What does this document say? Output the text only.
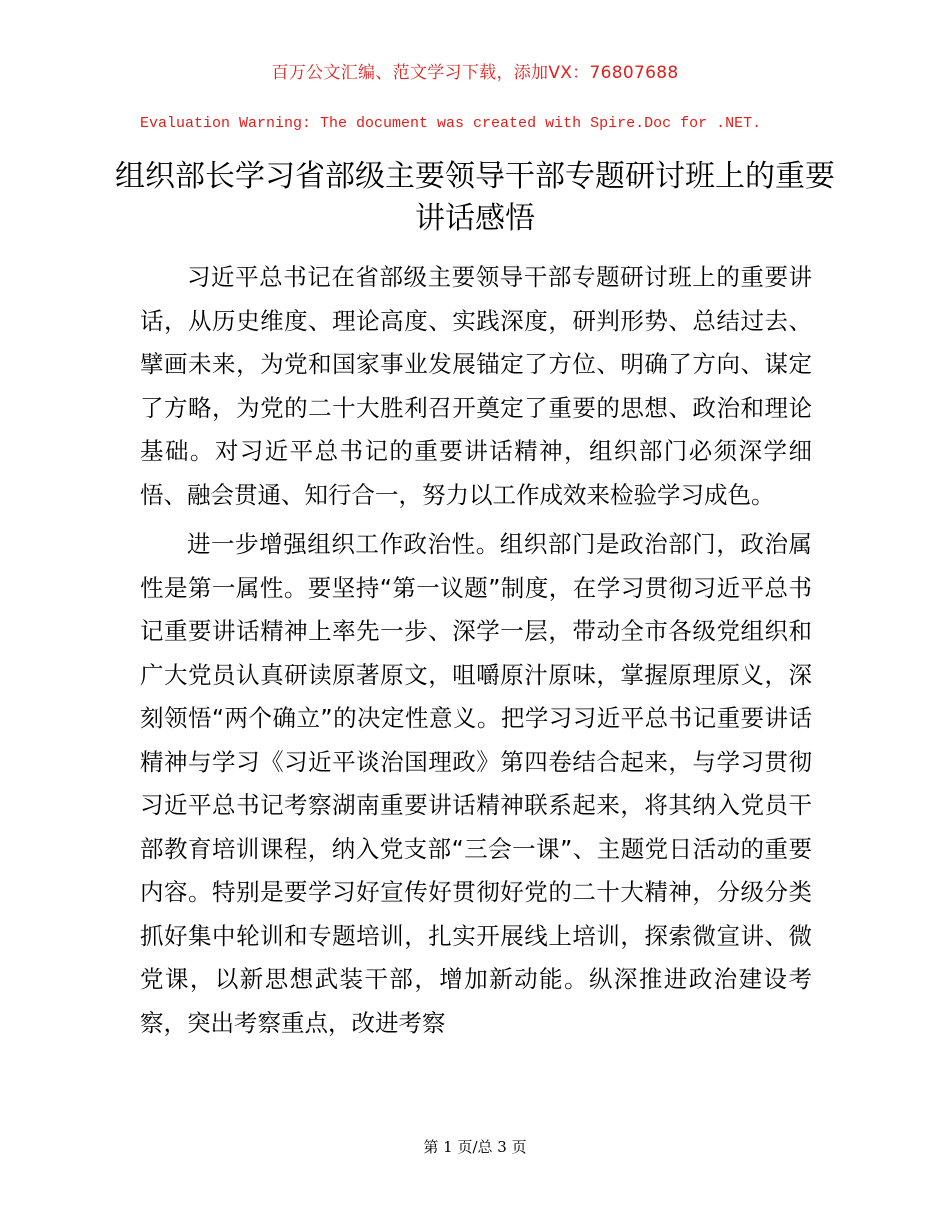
百万公文汇编、范文学习下载，添加VX：76807688
Evaluation Warning: The document was created with Spire.Doc for .NET.
组织部长学习省部级主要领导干部专题研讨班上的重要讲话感悟

习近平总书记在省部级主要领导干部专题研讨班上的重要讲话，从历史维度、理论高度、实践深度，研判形势、总结过去、擘画未来，为党和国家事业发展锚定了方位、明确了方向、谋定了方略，为党的二十大胜利召开奠定了重要的思想、政治和理论基础。对习近平总书记的重要讲话精神，组织部门必须深学细悟、融会贯通、知行合一，努力以工作成效来检验学习成色。

进一步增强组织工作政治性。组织部门是政治部门，政治属性是第一属性。要坚持“第一议题”制度，在学习贯彻习近平总书记重要讲话精神上率先一步、深学一层，带动全市各级党组织和广大党员认真研读原著原文，咀嚼原汁原味，掌握原理原义，深刻领悟“两个确立”的决定性意义。把学习习近平总书记重要讲话精神与学习《习近平谈治国理政》第四卷结合起来，与学习贯彻习近平总书记考察湖南重要讲话精神联系起来，将其纳入党员干部教育培训课程，纳入党支部“三会一课”、主题党日活动的重要内容。特别是要学习好宣传好贯彻好党的二十大精神，分级分类抓好集中轮训和专题培训，扎实开展线上培训，探索微宣讲、微党课，以新思想武装干部，增加新动能。纵深推进政治建设考察，突出考察重点，改进考察

第 1 页/总 3 页
